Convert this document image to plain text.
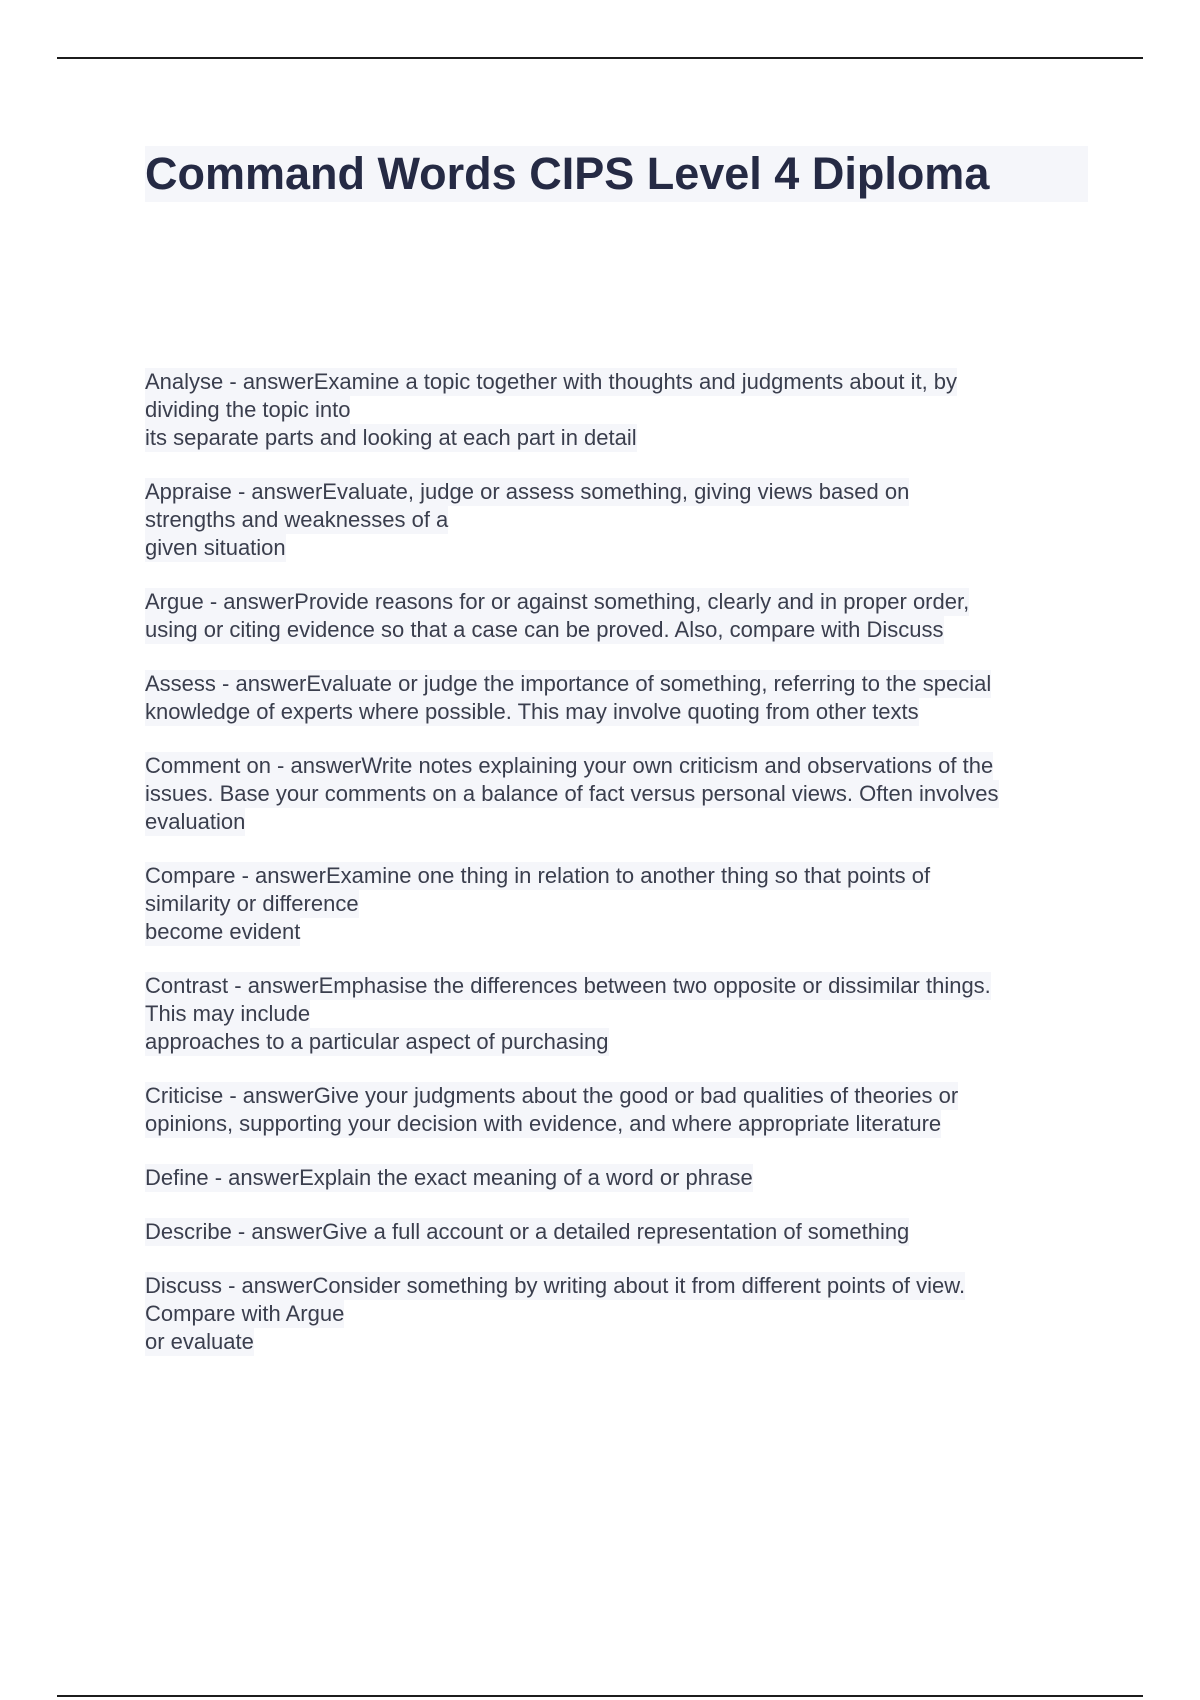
Command Words CIPS Level 4 Diploma
Analyse - answerExamine a topic together with thoughts and judgments about it, by
dividing the topic into
its separate parts and looking at each part in detail
Appraise - answerEvaluate, judge or assess something, giving views based on
strengths and weaknesses of a
given situation
Argue - answerProvide reasons for or against something, clearly and in proper order,
using or citing evidence so that a case can be proved. Also, compare with Discuss
Assess - answerEvaluate or judge the importance of something, referring to the special
knowledge of experts where possible. This may involve quoting from other texts
Comment on - answerWrite notes explaining your own criticism and observations of the
issues. Base your comments on a balance of fact versus personal views. Often involves
evaluation
Compare - answerExamine one thing in relation to another thing so that points of
similarity or difference
become evident
Contrast - answerEmphasise the differences between two opposite or dissimilar things.
This may include
approaches to a particular aspect of purchasing
Criticise - answerGive your judgments about the good or bad qualities of theories or
opinions, supporting your decision with evidence, and where appropriate literature
Define - answerExplain the exact meaning of a word or phrase
Describe - answerGive a full account or a detailed representation of something
Discuss - answerConsider something by writing about it from different points of view.
Compare with Argue
or evaluate
